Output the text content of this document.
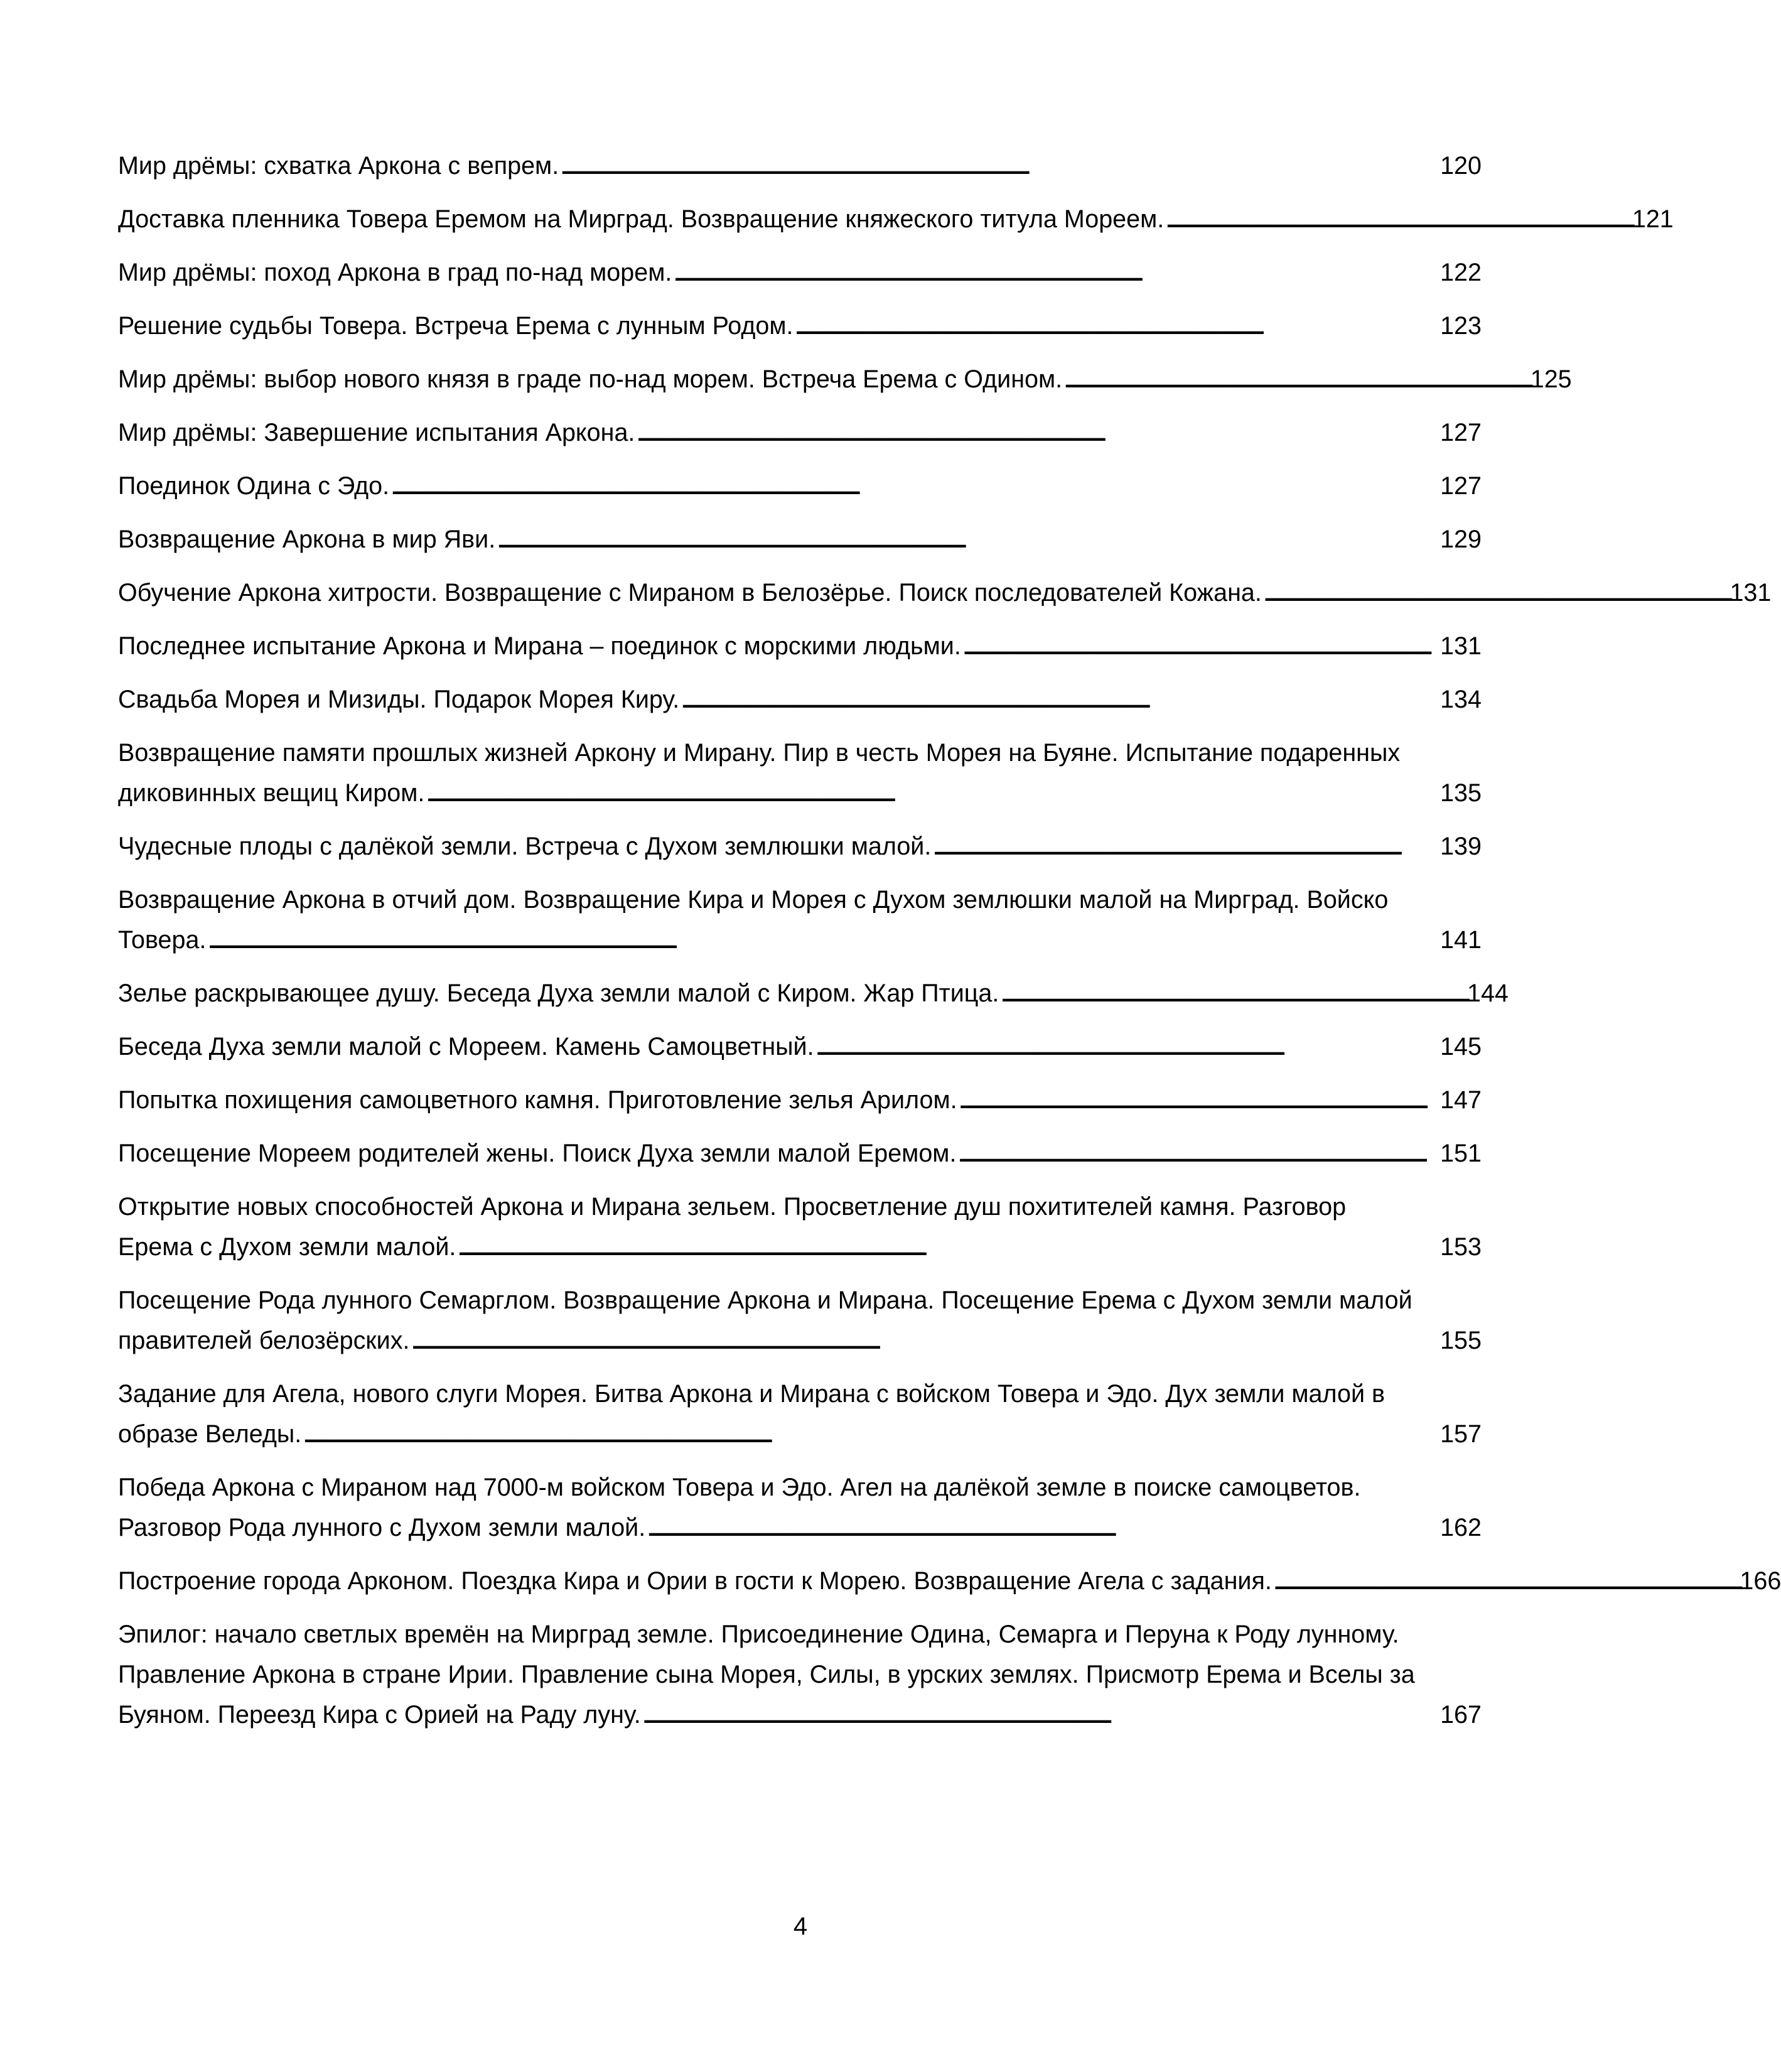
Мир дрёмы: схватка Аркона с вепрем. . . .	120
Доставка пленника Товера Еремом на Мирград. Возвращение княжеского титула Мореем. . . .	121
Мир дрёмы: поход Аркона в град по-над морем. . . .	122
Решение судьбы Товера. Встреча Ерема с лунным Родом. . . .	123
Мир дрёмы: выбор нового князя в граде по-над морем. Встреча Ерема с Одином. . . .	125
Мир дрёмы: Завершение испытания Аркона. . . .	127
Поединок Одина с Эдо. . . .	127
Возвращение Аркона в мир Яви. . . .	129
Обучение Аркона хитрости. Возвращение с Мираном в Белозёрье. Поиск последователей Кожана. . . .	131
Последнее испытание Аркона и Мирана – поединок с морскими людьми. . . .	131
Свадьба Морея и Мизиды. Подарок Морея Киру. . . .	134
Возвращение памяти прошлых жизней Аркону и Мирану. Пир в честь Морея на Буяне. Испытание подаренных
диковинных вещиц Киром. . . .	135
Чудесные плоды с далёкой земли. Встреча с Духом землюшки малой. . . .	139
Возвращение Аркона в отчий дом. Возвращение Кира и Морея с Духом землюшки малой на Мирград. Войско
Товера. . . .	141
Зелье раскрывающее душу. Беседа Духа земли малой с Киром. Жар Птица. . . .	144
Беседа Духа земли малой с Мореем. Камень Самоцветный. . . .	145
Попытка похищения самоцветного камня. Приготовление зелья Арилом. . . .	147
Посещение Мореем родителей жены. Поиск Духа земли малой Еремом. . . .	151
Открытие новых способностей Аркона и Мирана зельем. Просветление душ похитителей камня. Разговор
Ерема с Духом земли малой. . . .	153
Посещение Рода лунного Семарглом. Возвращение Аркона и Мирана. Посещение Ерема с Духом земли малой
правителей белозёрских. . . .	155
Задание для Агела, нового слуги Морея. Битва Аркона и Мирана с войском Товера и Эдо. Дух земли малой в
образе Веледы. . . .	157
Победа Аркона с Мираном над 7000-м войском Товера и Эдо. Агел на далёкой земле в поиске самоцветов.
Разговор Рода лунного с Духом земли малой. . . .	162
Построение города Арконом. Поездка Кира и Ории в гости к Морею. Возвращение Агела с задания. . . .	166
Эпилог: начало светлых времён на Мирград земле. Присоединение Одина, Семарга и Перуна к Роду лунному.
Правление Аркона в стране Ирии. Правление сына Морея, Силы, в урских землях. Присмотр Ерема и Вселы за
Буяном. Переезд Кира с Орией на Раду луну. . . .	167
4
